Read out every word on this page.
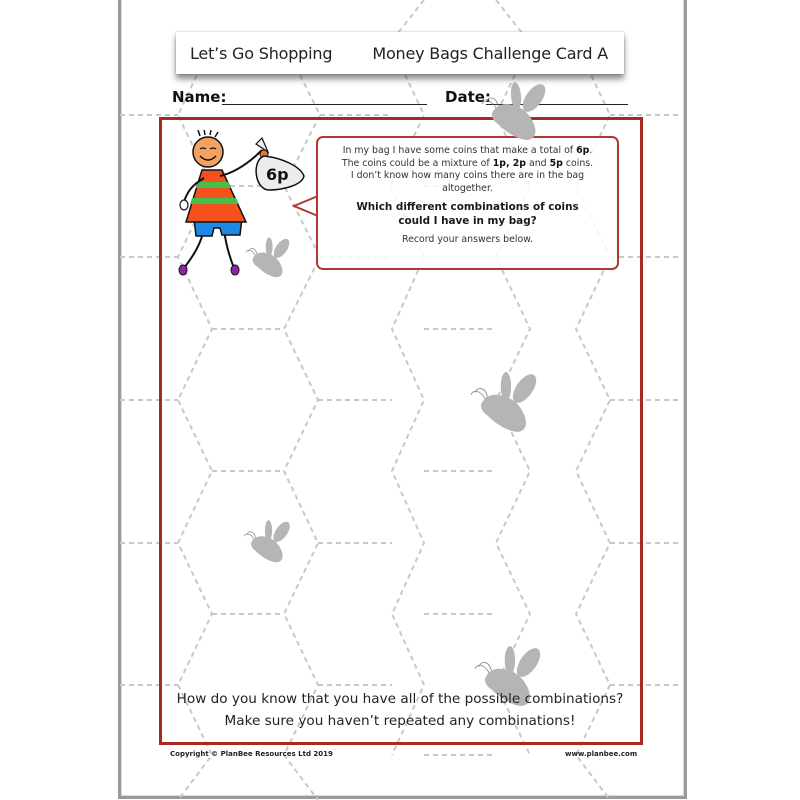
Let’s Go Shopping	Money Bags Challenge Card A
Name:	Date:
6p
In my bag I have some coins that make a total of 6p.
The coins could be a mixture of 1p, 2p and 5p coins.
I don’t know how many coins there are in the bag altogether.
Which different combinations of coins could I have in my bag?
Record your answers below.
How do you know that you have all of the possible combinations?
Make sure you haven’t repeated any combinations!
Copyright © PlanBee Resources Ltd 2019	www.planbee.com
